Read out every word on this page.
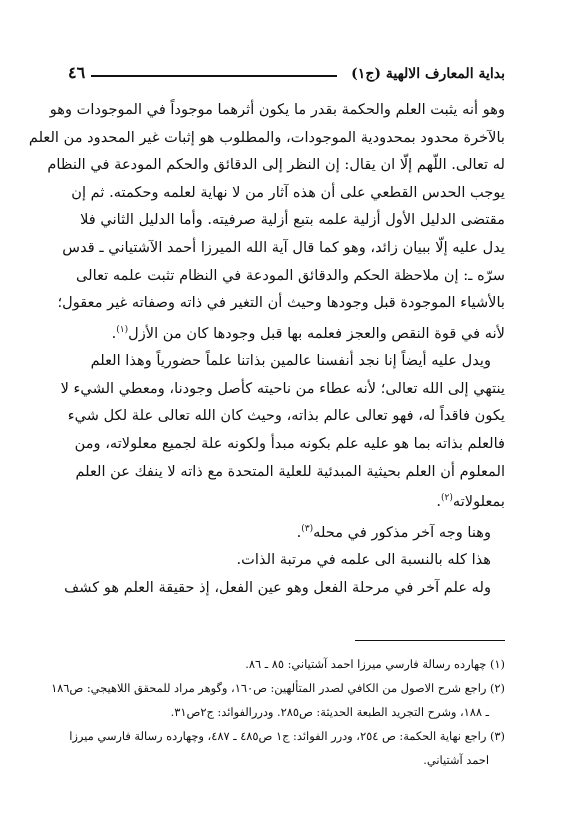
بداية المعارف الالهية (ج١)
٤٦
وهو أنه يثبت العلم والحكمة بقدر ما يكون أثرهما موجوداً في الموجودات وهو
بالآخرة محدود بمحدودية الموجودات، والمطلوب هو إثبات غير المحدود من العلم
له تعالى. اللّهم إلّا ان يقال: إن النظر إلى الدقائق والحكم المودعة في النظام
يوجب الحدس القطعي على أن هذه آثار من لا نهاية لعلمه وحكمته. ثم إن
مقتضى الدليل الأول أزلية علمه بتبع أزلية صرفيته. وأما الدليل الثاني فلا
يدل عليه إلّا ببيان زائد، وهو كما قال آية الله الميرزا أحمد الآشتياني ـ قدس
سرّه ـ: إن ملاحظة الحكم والدقائق المودعة في النظام تثبت علمه تعالى
بالأشياء الموجودة قبل وجودها وحيث أن التغير في ذاته وصفاته غير معقول؛
لأنه في قوة النقص والعجز فعلمه بها قبل وجودها كان من الأزل$^{(١)}$.
ويدل عليه أيضاً إنا نجد أنفسنا عالمين بذاتنا علماً حضورياً وهذا العلم
ينتهي إلى الله تعالى؛ لأنه عطاء من ناحيته كأصل وجودنا، ومعطي الشيء لا
يكون فاقداً له، فهو تعالى عالم بذاته، وحيث كان الله تعالى علة لكل شيء
فالعلم بذاته بما هو عليه علم بكونه مبدأ ولكونه علة لجميع معلولاته، ومن
المعلوم أن العلم بحيثية المبدئية للعلية المتحدة مع ذاته لا ينفك عن العلم
بمعلولاته$^{(٢)}$.
وهنا وجه آخر مذكور في محله$^{(٣)}$.
هذا كله بالنسبة الى علمه في مرتبة الذات.
وله علم آخر في مرحلة الفعل وهو عين الفعل، إذ حقيقة العلم هو كشف
(١) چهارده رسالة فارسي ميرزا احمد آشتياني: ٨٥ ـ ٨٦.
(٢) راجع شرح الاصول من الكافي لصدر المتألهين: ص١٦٠، وگوهر مراد للمحقق اللاهيجي: ص١٨٦
ـ ١٨٨، وشرح التجريد الطبعة الحديثة: ص٢٨٥. ودررالفوائد: ج٢ص٣١.
(٣) راجع نهاية الحكمة: ص ٢٥٤، ودرر الفوائد: ج١ ص٤٨٥ ـ ٤٨٧، وچهارده رسالة فارسي ميرزا
احمد آشتياني.
